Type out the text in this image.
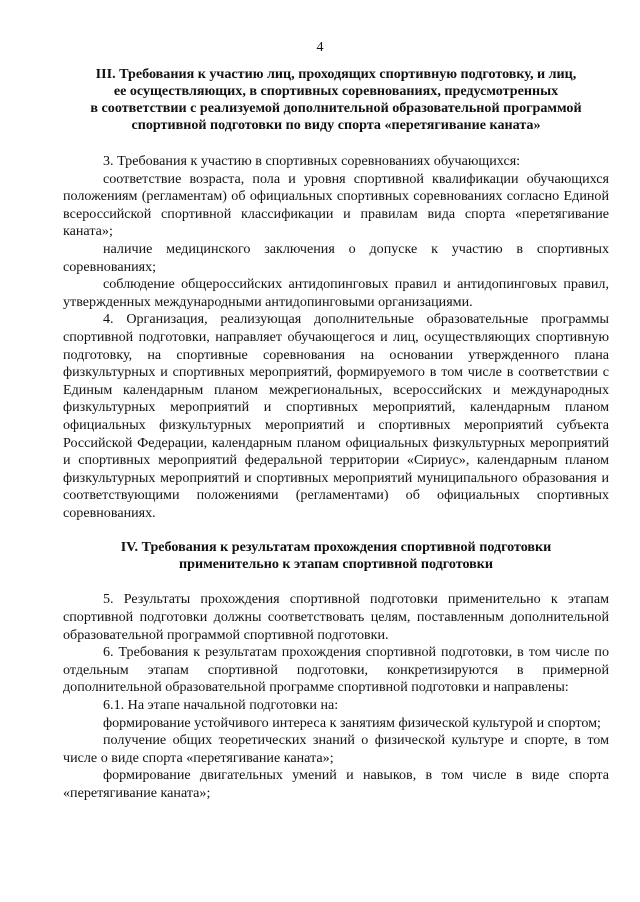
4

III. Требования к участию лиц, проходящих спортивную подготовку, и лиц,

ее осуществляющих, в спортивных соревнованиях, предусмотренных

в соответствии с реализуемой дополнительной образовательной программой

спортивной подготовки по виду спорта «перетягивание каната»

3. Требования к участию в спортивных соревнованиях обучающихся:

соответствие возраста, пола и уровня спортивной квалификации обучающихся положениям (регламентам) об официальных спортивных соревнованиях согласно Единой всероссийской спортивной классификации и правилам вида спорта «перетягивание каната»;

наличие медицинского заключения о допуске к участию в спортивных соревнованиях;

соблюдение общероссийских антидопинговых правил и антидопинговых правил, утвержденных международными антидопинговыми организациями.

4. Организация, реализующая дополнительные образовательные программы спортивной подготовки, направляет обучающегося и лиц, осуществляющих спортивную подготовку, на спортивные соревнования на основании утвержденного плана физкультурных и спортивных мероприятий, формируемого в том числе в соответствии с Единым календарным планом межрегиональных, всероссийских и международных физкультурных мероприятий и спортивных мероприятий, календарным планом официальных физкультурных мероприятий и спортивных мероприятий субъекта Российской Федерации, календарным планом официальных физкультурных мероприятий и спортивных мероприятий федеральной территории «Сириус», календарным планом физкультурных мероприятий и спортивных мероприятий муниципального образования и соответствующими положениями (регламентами) об официальных спортивных соревнованиях.

IV. Требования к результатам прохождения спортивной подготовки

применительно к этапам спортивной подготовки

5. Результаты прохождения спортивной подготовки применительно к этапам спортивной подготовки должны соответствовать целям, поставленным дополнительной образовательной программой спортивной подготовки.

6. Требования к результатам прохождения спортивной подготовки, в том числе по отдельным этапам спортивной подготовки, конкретизируются в примерной дополнительной образовательной программе спортивной подготовки и направлены:

6.1. На этапе начальной подготовки на:

формирование устойчивого интереса к занятиям физической культурой и спортом;

получение общих теоретических знаний о физической культуре и спорте, в том числе о виде спорта «перетягивание каната»;

формирование двигательных умений и навыков, в том числе в виде спорта «перетягивание каната»;
